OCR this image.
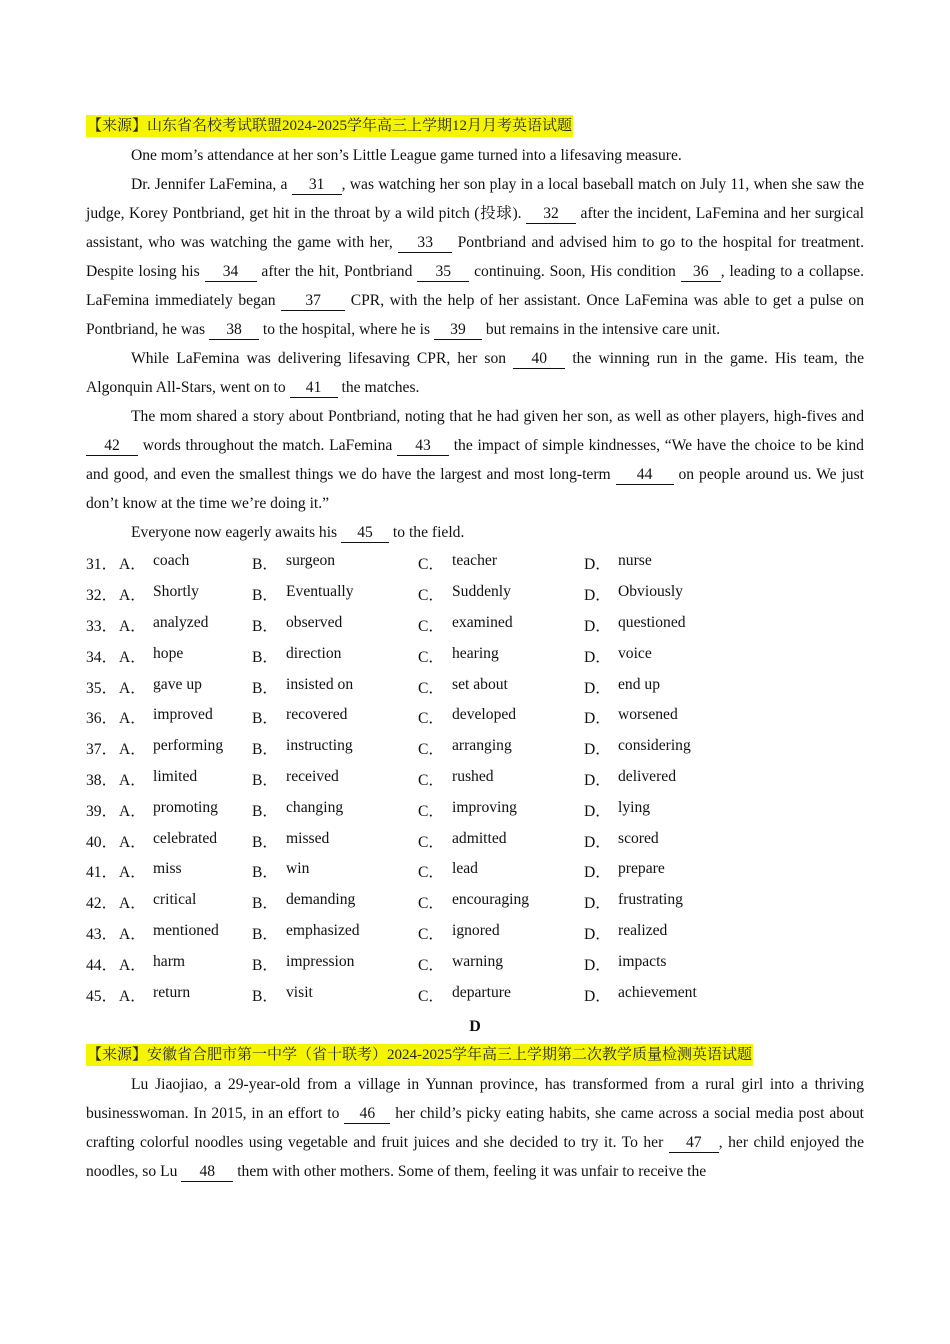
【来源】山东省名校考试联盟2024-2025学年高三上学期12月月考英语试题

One mom’s attendance at her son’s Little League game turned into a lifesaving measure.

Dr. Jennifer LaFemina, a 31 , was watching her son play in a local baseball match on July 11, when she saw the judge, Korey Pontbriand, get hit in the throat by a wild pitch (投球). 32 after the incident, LaFemina and her surgical assistant, who was watching the game with her, 33 Pontbriand and advised him to go to the hospital for treatment. Despite losing his 34 after the hit, Pontbriand 35 continuing. Soon, His condition 36 , leading to a collapse. LaFemina immediately began 37 CPR, with the help of her assistant. Once LaFemina was able to get a pulse on Pontbriand, he was 38 to the hospital, where he is 39 but remains in the intensive care unit.

While LaFemina was delivering lifesaving CPR, her son 40 the winning run in the game. His team, the Algonquin All-Stars, went on to 41 the matches.

The mom shared a story about Pontbriand, noting that he had given her son, as well as other players, high-fives and 42 words throughout the match. LaFemina 43 the impact of simple kindnesses, “We have the choice to be kind and good, and even the smallest things we do have the largest and most long-term 44 on people around us. We just don’t know at the time we’re doing it.”

Everyone now eagerly awaits his 45 to the field.

31． A． coach	B． surgeon	C． teacher	D． nurse
32． A． Shortly	B． Eventually	C． Suddenly	D． Obviously
33． A． analyzed	B． observed	C． examined	D． questioned
34． A． hope	B． direction	C． hearing	D． voice
35． A． gave up	B． insisted on	C． set about	D． end up
36． A． improved	B． recovered	C． developed	D． worsened
37． A． performing B． instructing	C． arranging	D． considering
38． A． limited	B． received	C． rushed	D． delivered
39． A． promoting B． changing	C． improving	D． lying
40． A． celebrated B． missed	C． admitted	D． scored
41． A． miss	B． win	C． lead	D． prepare
42． A． critical	B． demanding	C． encouraging	D． frustrating
43． A． mentioned B． emphasized	C． ignored	D． realized
44． A． harm	B． impression	C． warning	D． impacts
45． A． return	B． visit	C． departure	D． achievement
D
【来源】安徽省合肥市第一中学（省十联考）2024-2025学年高三上学期第二次教学质量检测英语试题

Lu Jiaojiao, a 29-year-old from a village in Yunnan province, has transformed from a rural girl into a thriving businesswoman. In 2015, in an effort to 46 her child’s picky eating habits, she came across a social media post about crafting colorful noodles using vegetable and fruit juices and she decided to try it. To her 47 , her child enjoyed the noodles, so Lu 48 them with other mothers. Some of them, feeling it was unfair to receive the
